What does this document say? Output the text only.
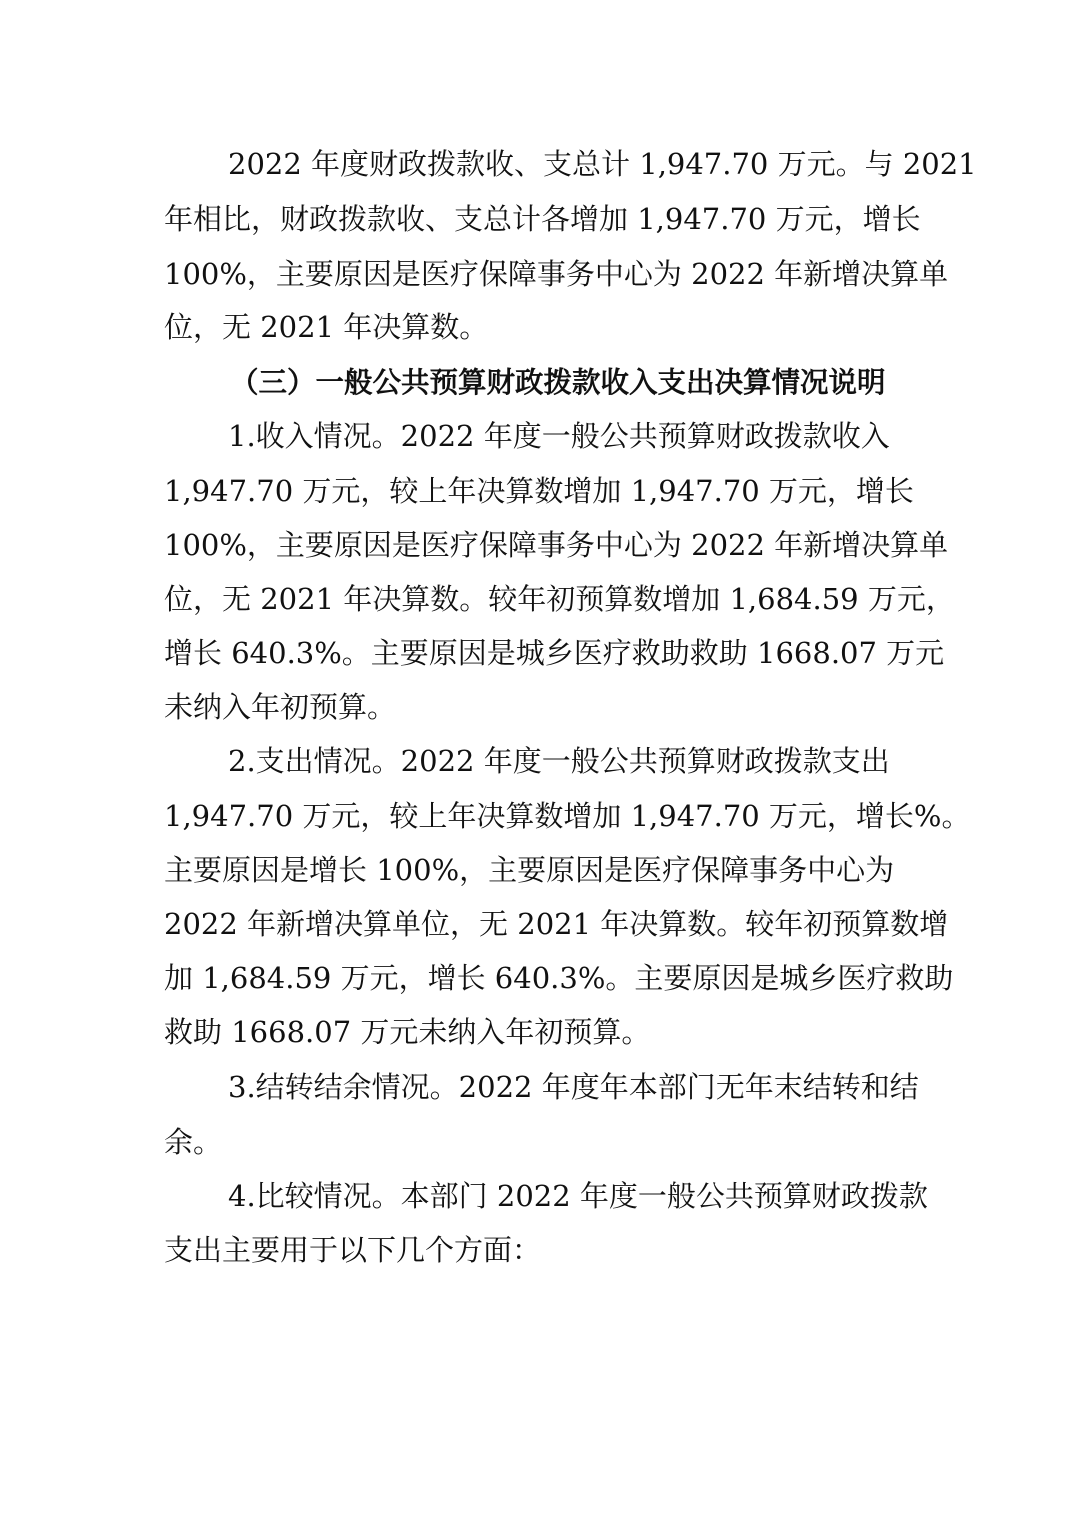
2022 年度财政拨款收、支总计 1,947.70 万元。与 2021
年相比，财政拨款收、支总计各增加 1,947.70 万元，增长
100%，主要原因是医疗保障事务中心为 2022 年新增决算单
位，无 2021 年决算数。
（三）一般公共预算财政拨款收入支出决算情况说明
1.收入情况。2022 年度一般公共预算财政拨款收入
1,947.70 万元，较上年决算数增加 1,947.70 万元，增长
100%，主要原因是医疗保障事务中心为 2022 年新增决算单
位，无 2021 年决算数。较年初预算数增加 1,684.59 万元，
增长 640.3%。主要原因是城乡医疗救助救助 1668.07 万元
未纳入年初预算。
2.支出情况。2022 年度一般公共预算财政拨款支出
1,947.70 万元，较上年决算数增加 1,947.70 万元，增长%。
主要原因是增长 100%，主要原因是医疗保障事务中心为
2022 年新增决算单位，无 2021 年决算数。较年初预算数增
加 1,684.59 万元，增长 640.3%。主要原因是城乡医疗救助
救助 1668.07 万元未纳入年初预算。
3.结转结余情况。2022 年度年本部门无年末结转和结
余。
4.比较情况。本部门 2022 年度一般公共预算财政拨款
支出主要用于以下几个方面：
